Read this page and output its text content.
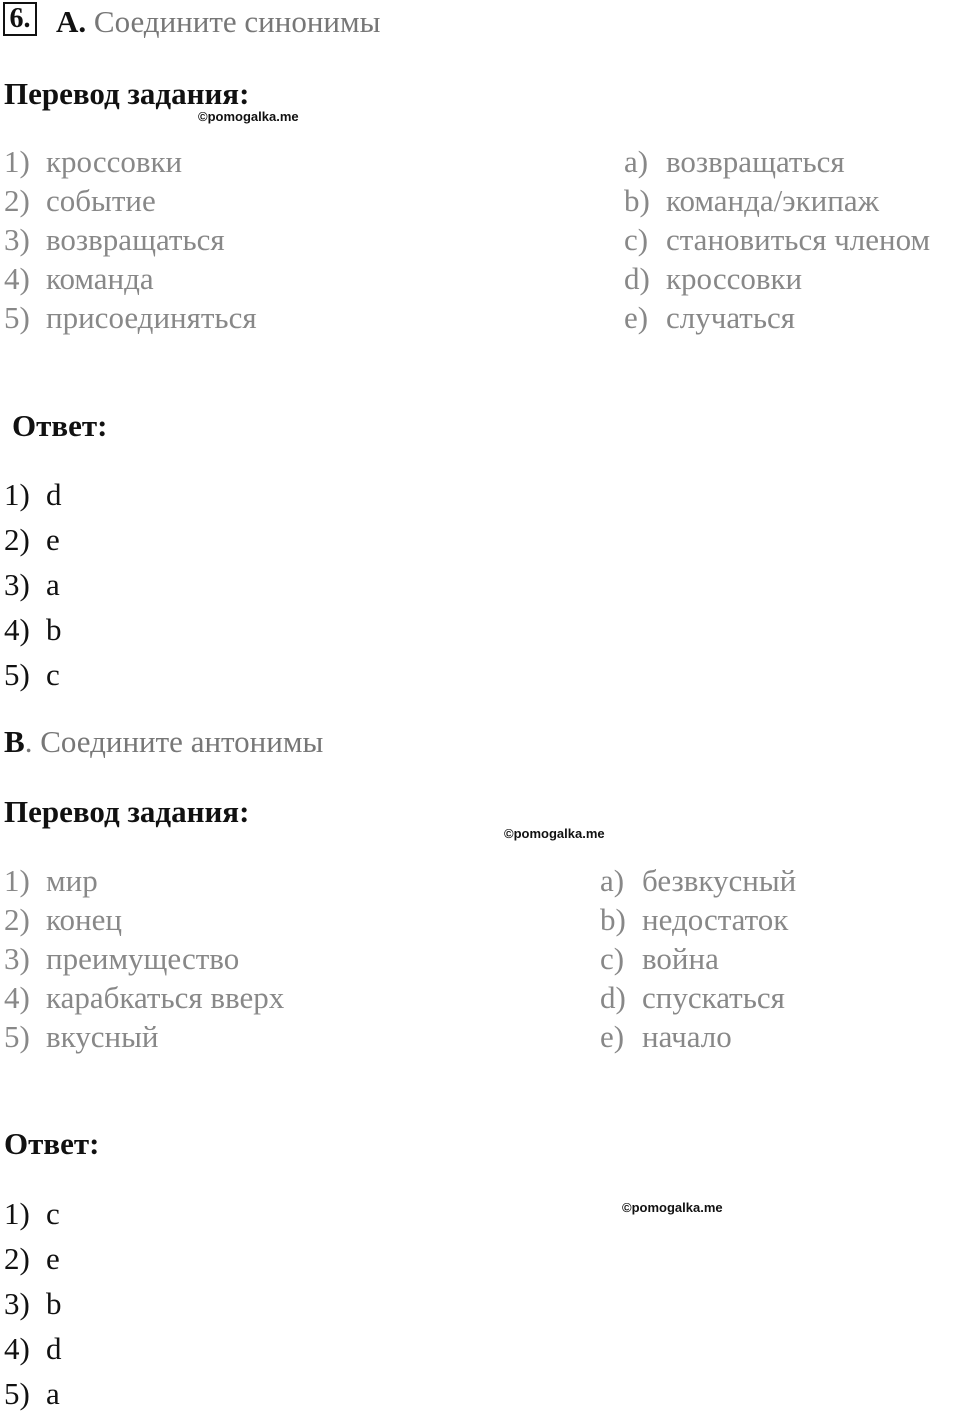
6. A. Соедините синонимы
Перевод задания:
©pomogalka.me
1) кроссовки
2) событие
3) возвращаться
4) команда
5) присоединяться
a) возвращаться
b) команда/экипаж
c) становиться членом
d) кроссовки
e) случаться
Ответ:
1) d
2) e
3) a
4) b
5) c
B. Соедините антонимы
Перевод задания:
©pomogalka.me
1) мир
2) конец
3) преимущество
4) карабкаться вверх
5) вкусный
a) безвкусный
b) недостаток
c) война
d) спускаться
e) начало
Ответ:
©pomogalka.me
1) c
2) e
3) b
4) d
5) a
